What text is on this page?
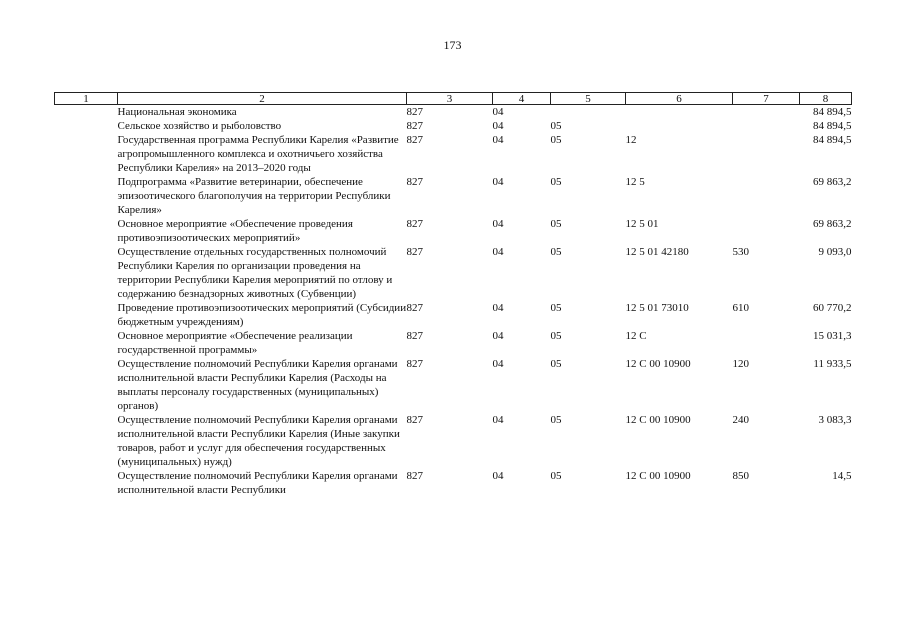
173
1	2	3	4	5	6	7	8
	Национальная экономика	827	04				84 894,5
	Сельское хозяйство и рыболовство	827	04	05			84 894,5
	Государственная программа Республики Карелия «Развитие агропромышленного комплекса и охотничьего хозяйства Республики Карелия» на 2013–2020 годы	827	04	05	12		84 894,5
	Подпрограмма «Развитие ветеринарии, обеспечение эпизоотического благополучия на территории Республики Карелия»	827	04	05	12 5		69 863,2
	Основное мероприятие «Обеспечение проведения противоэпизоотических мероприятий»	827	04	05	12 5 01		69 863,2
	Осуществление отдельных государственных полномочий Республики Карелия по организации проведения на территории Республики Карелия мероприятий по отлову и содержанию безнадзорных животных (Субвенции)	827	04	05	12 5 01 42180	530	9 093,0
	Проведение противоэпизоотических мероприятий (Субсидии бюджетным учреждениям)	827	04	05	12 5 01 73010	610	60 770,2
	Основное мероприятие «Обеспечение реализации государственной программы»	827	04	05	12 С		15 031,3
	Осуществление полномочий Республики Карелия органами исполнительной власти Республики Карелия (Расходы на выплаты персоналу государственных (муниципальных) органов)	827	04	05	12 С 00 10900	120	11 933,5
	Осуществление полномочий Республики Карелия органами исполнительной власти Республики Карелия (Иные закупки товаров, работ и услуг для обеспечения государственных (муниципальных) нужд)	827	04	05	12 С 00 10900	240	3 083,3
	Осуществление полномочий Республики Карелия органами исполнительной власти Республики	827	04	05	12 С 00 10900	850	14,5
